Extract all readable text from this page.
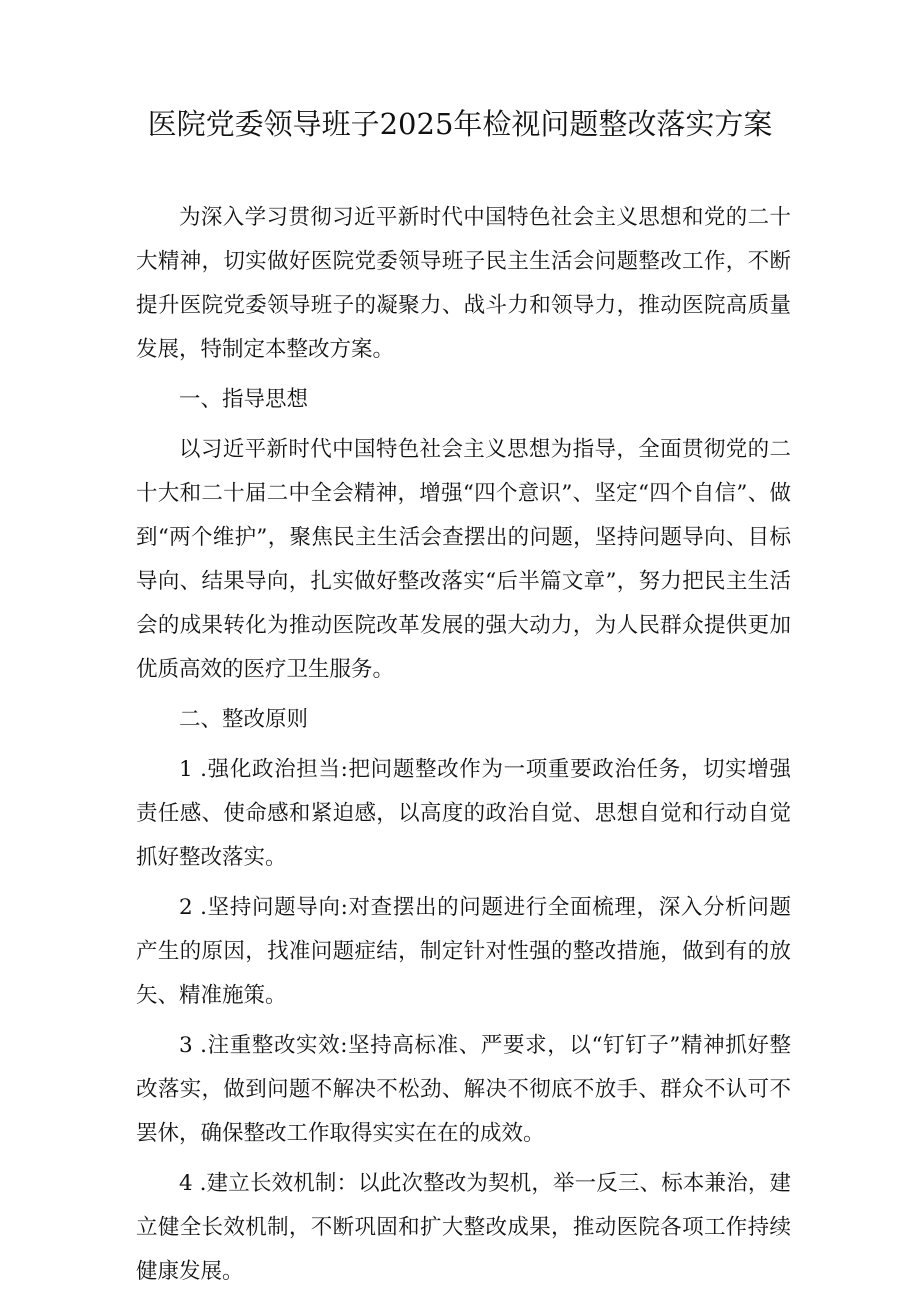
医院党委领导班子2025年检视问题整改落实方案

为深入学习贯彻习近平新时代中国特色社会主义思想和党的二十大精神，切实做好医院党委领导班子民主生活会问题整改工作，不断提升医院党委领导班子的凝聚力、战斗力和领导力，推动医院高质量发展，特制定本整改方案。

一、指导思想

以习近平新时代中国特色社会主义思想为指导，全面贯彻党的二十大和二十届二中全会精神，增强“四个意识”、坚定“四个自信”、做到“两个维护”，聚焦民主生活会查摆出的问题，坚持问题导向、目标导向、结果导向，扎实做好整改落实“后半篇文章”，努力把民主生活会的成果转化为推动医院改革发展的强大动力，为人民群众提供更加优质高效的医疗卫生服务。

二、整改原则

1 .强化政治担当:把问题整改作为一项重要政治任务，切实增强责任感、使命感和紧迫感，以高度的政治自觉、思想自觉和行动自觉抓好整改落实。

2 .坚持问题导向:对查摆出的问题进行全面梳理，深入分析问题产生的原因，找准问题症结，制定针对性强的整改措施，做到有的放矢、精准施策。

3 .注重整改实效:坚持高标准、严要求，以“钉钉子”精神抓好整改落实，做到问题不解决不松劲、解决不彻底不放手、群众不认可不罢休，确保整改工作取得实实在在的成效。

4 .建立长效机制：以此次整改为契机，举一反三、标本兼治，建立健全长效机制，不断巩固和扩大整改成果，推动医院各项工作持续健康发展。
